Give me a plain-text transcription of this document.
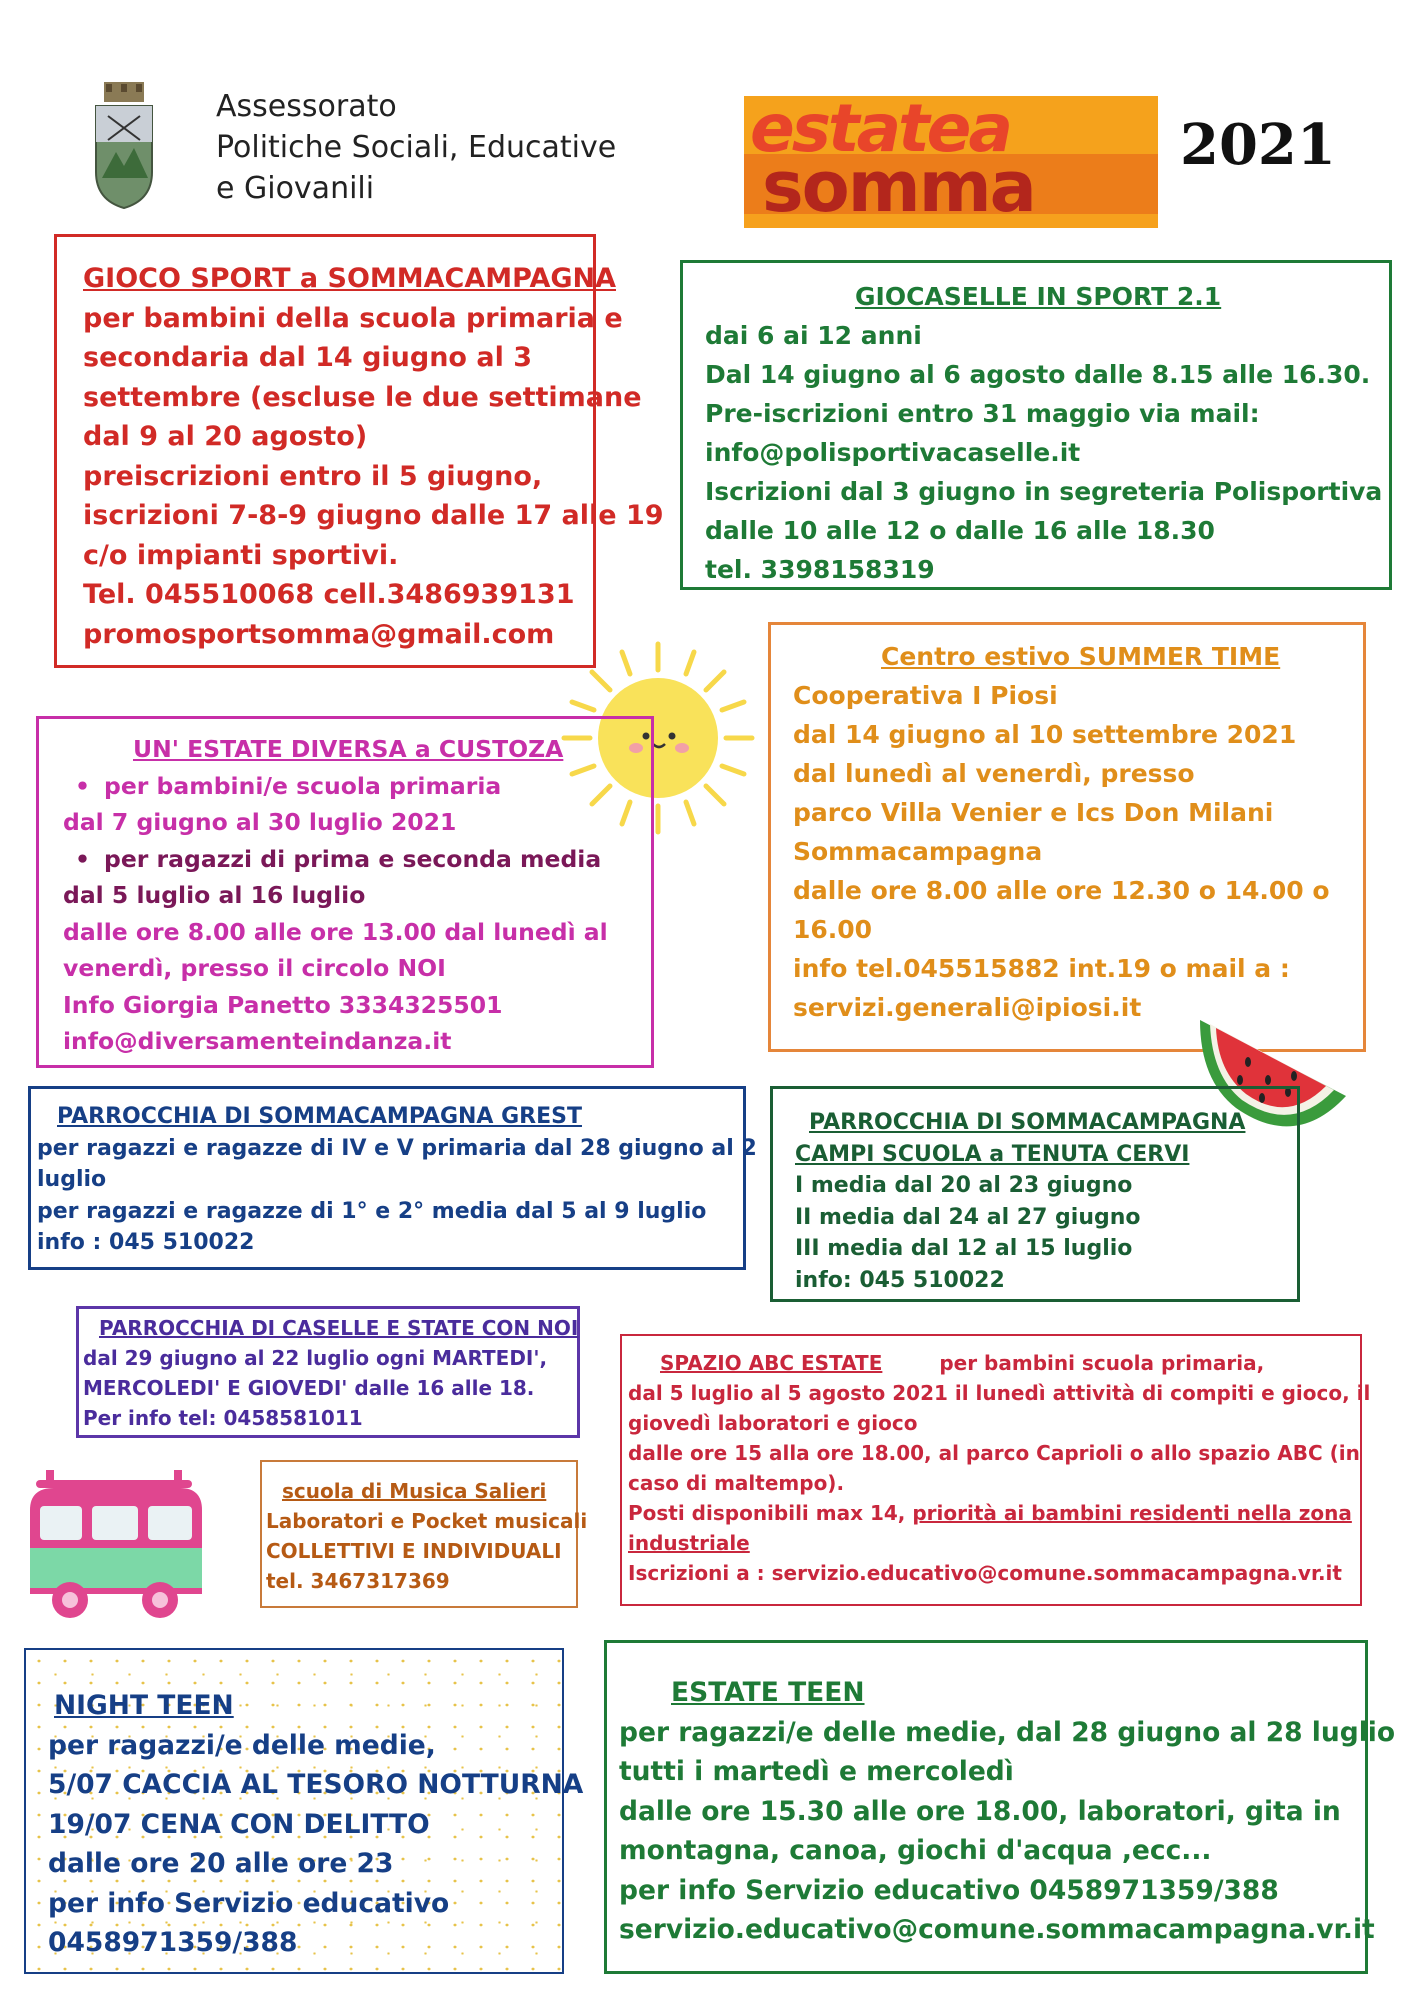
Assessorato
Politiche Sociali, Educative
e Giovanili
estatea
somma
2021
GIOCO SPORT a SOMMACAMPAGNA
per bambini della scuola primaria e
secondaria dal 14 giugno al 3
settembre (escluse le due settimane
dal 9 al 20 agosto)
preiscrizioni entro il 5 giugno,
iscrizioni 7-8-9 giugno dalle 17 alle 19
c/o impianti sportivi.
Tel. 045510068 cell.3486939131
promosportsomma@gmail.com
GIOCASELLE IN SPORT 2.1
dai 6 ai 12 anni
Dal 14 giugno al 6 agosto dalle 8.15 alle 16.30.
Pre-iscrizioni entro 31 maggio via mail:
info@polisportivacaselle.it
Iscrizioni dal 3 giugno in segreteria Polisportiva
dalle 10 alle 12 o dalle 16 alle 18.30
tel. 3398158319
Centro estivo SUMMER TIME
Cooperativa I Piosi
dal 14 giugno al 10 settembre 2021
dal lunedì al venerdì, presso
parco Villa Venier e Ics Don Milani
Sommacampagna
dalle ore 8.00 alle ore 12.30 o 14.00 o
16.00
info tel.045515882 int.19 o mail a :
servizi.generali@ipiosi.it
UN' ESTATE DIVERSA a CUSTOZA
• per bambini/e scuola primaria
dal 7 giugno al 30 luglio 2021
• per ragazzi di prima e seconda media
dal 5 luglio al 16 luglio
dalle ore 8.00 alle ore 13.00 dal lunedì al
venerdì, presso il circolo NOI
Info Giorgia Panetto 3334325501
info@diversamenteindanza.it
PARROCCHIA DI SOMMACAMPAGNA GREST
per ragazzi e ragazze di IV e V primaria dal 28 giugno al 2
luglio
per ragazzi e ragazze di 1° e 2° media dal 5 al 9 luglio
info : 045 510022
PARROCCHIA DI SOMMACAMPAGNA
CAMPI SCUOLA a TENUTA CERVI
I media dal 20 al 23 giugno
II media dal 24 al 27 giugno
III media dal 12 al 15 luglio
info: 045 510022
PARROCCHIA DI CASELLE E STATE CON NOI
dal 29 giugno al 22 luglio ogni MARTEDI',
MERCOLEDI' E GIOVEDI' dalle 16 alle 18.
Per info tel: 0458581011
SPAZIO ABC ESTATE	per bambini scuola primaria,
dal 5 luglio al 5 agosto 2021 il lunedì attività di compiti e gioco, il
giovedì laboratori e gioco
dalle ore 15 alla ore 18.00, al parco Caprioli o allo spazio ABC (in
caso di maltempo).
Posti disponibili max 14, priorità ai bambini residenti nella zona
industriale
Iscrizioni a : servizio.educativo@comune.sommacampagna.vr.it
scuola di Musica Salieri
Laboratori e Pocket musicali
COLLETTIVI E INDIVIDUALI
tel. 3467317369
NIGHT TEEN
per ragazzi/e delle medie,
5/07 CACCIA AL TESORO NOTTURNA
19/07 CENA CON DELITTO
dalle ore 20 alle ore 23
per info Servizio educativo
0458971359/388
ESTATE TEEN
per ragazzi/e delle medie, dal 28 giugno al 28 luglio
tutti i martedì e mercoledì
dalle ore 15.30 alle ore 18.00, laboratori, gita in
montagna, canoa, giochi d'acqua ,ecc...
per info Servizio educativo 0458971359/388
servizio.educativo@comune.sommacampagna.vr.it
